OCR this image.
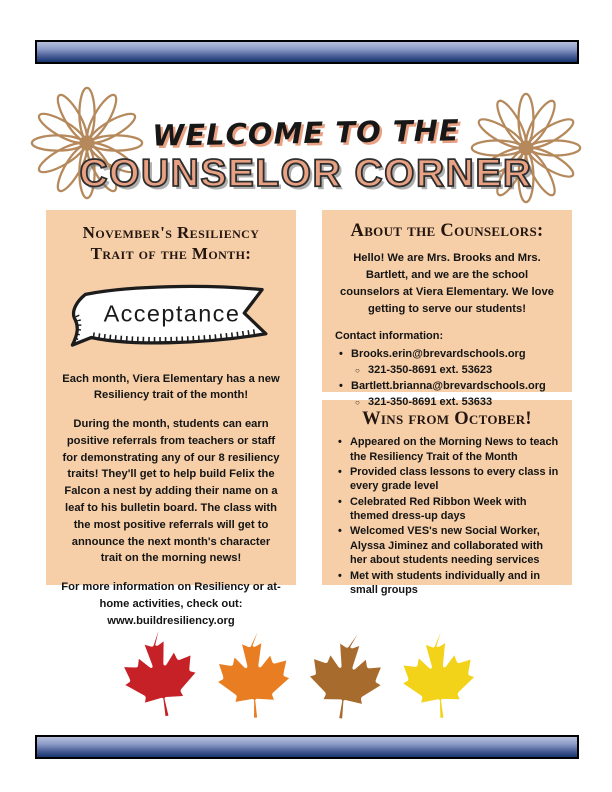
WELCOME TO THE
COUNSELOR CORNER
November's Resiliency Trait of the Month:
Acceptance

Each month, Viera Elementary has a new Resiliency trait of the month!

During the month, students can earn positive referrals from teachers or staff for demonstrating any of our 8 resiliency traits! They'll get to help build Felix the Falcon a nest by adding their name on a leaf to his bulletin board. The class with the most positive referrals will get to announce the next month's character trait on the morning news!

For more information on Resiliency or at-home activities, check out: www.buildresiliency.org

About the Counselors:

Hello! We are Mrs. Brooks and Mrs. Bartlett, and we are the school counselors at Viera Elementary. We love getting to serve our students!

Contact information:

• Brooks.erin@brevardschools.org
○ 321-350-8691 ext. 53623
• Bartlett.brianna@brevardschools.org
○ 321-350-8691 ext. 53633
Wins from October!
• Appeared on the Morning News to teach the Resiliency Trait of the Month
• Provided class lessons to every class in every grade level
• Celebrated Red Ribbon Week with themed dress-up days
• Welcomed VES's new Social Worker, Alyssa Jiminez and collaborated with her about students needing services
• Met with students individually and in small groups
